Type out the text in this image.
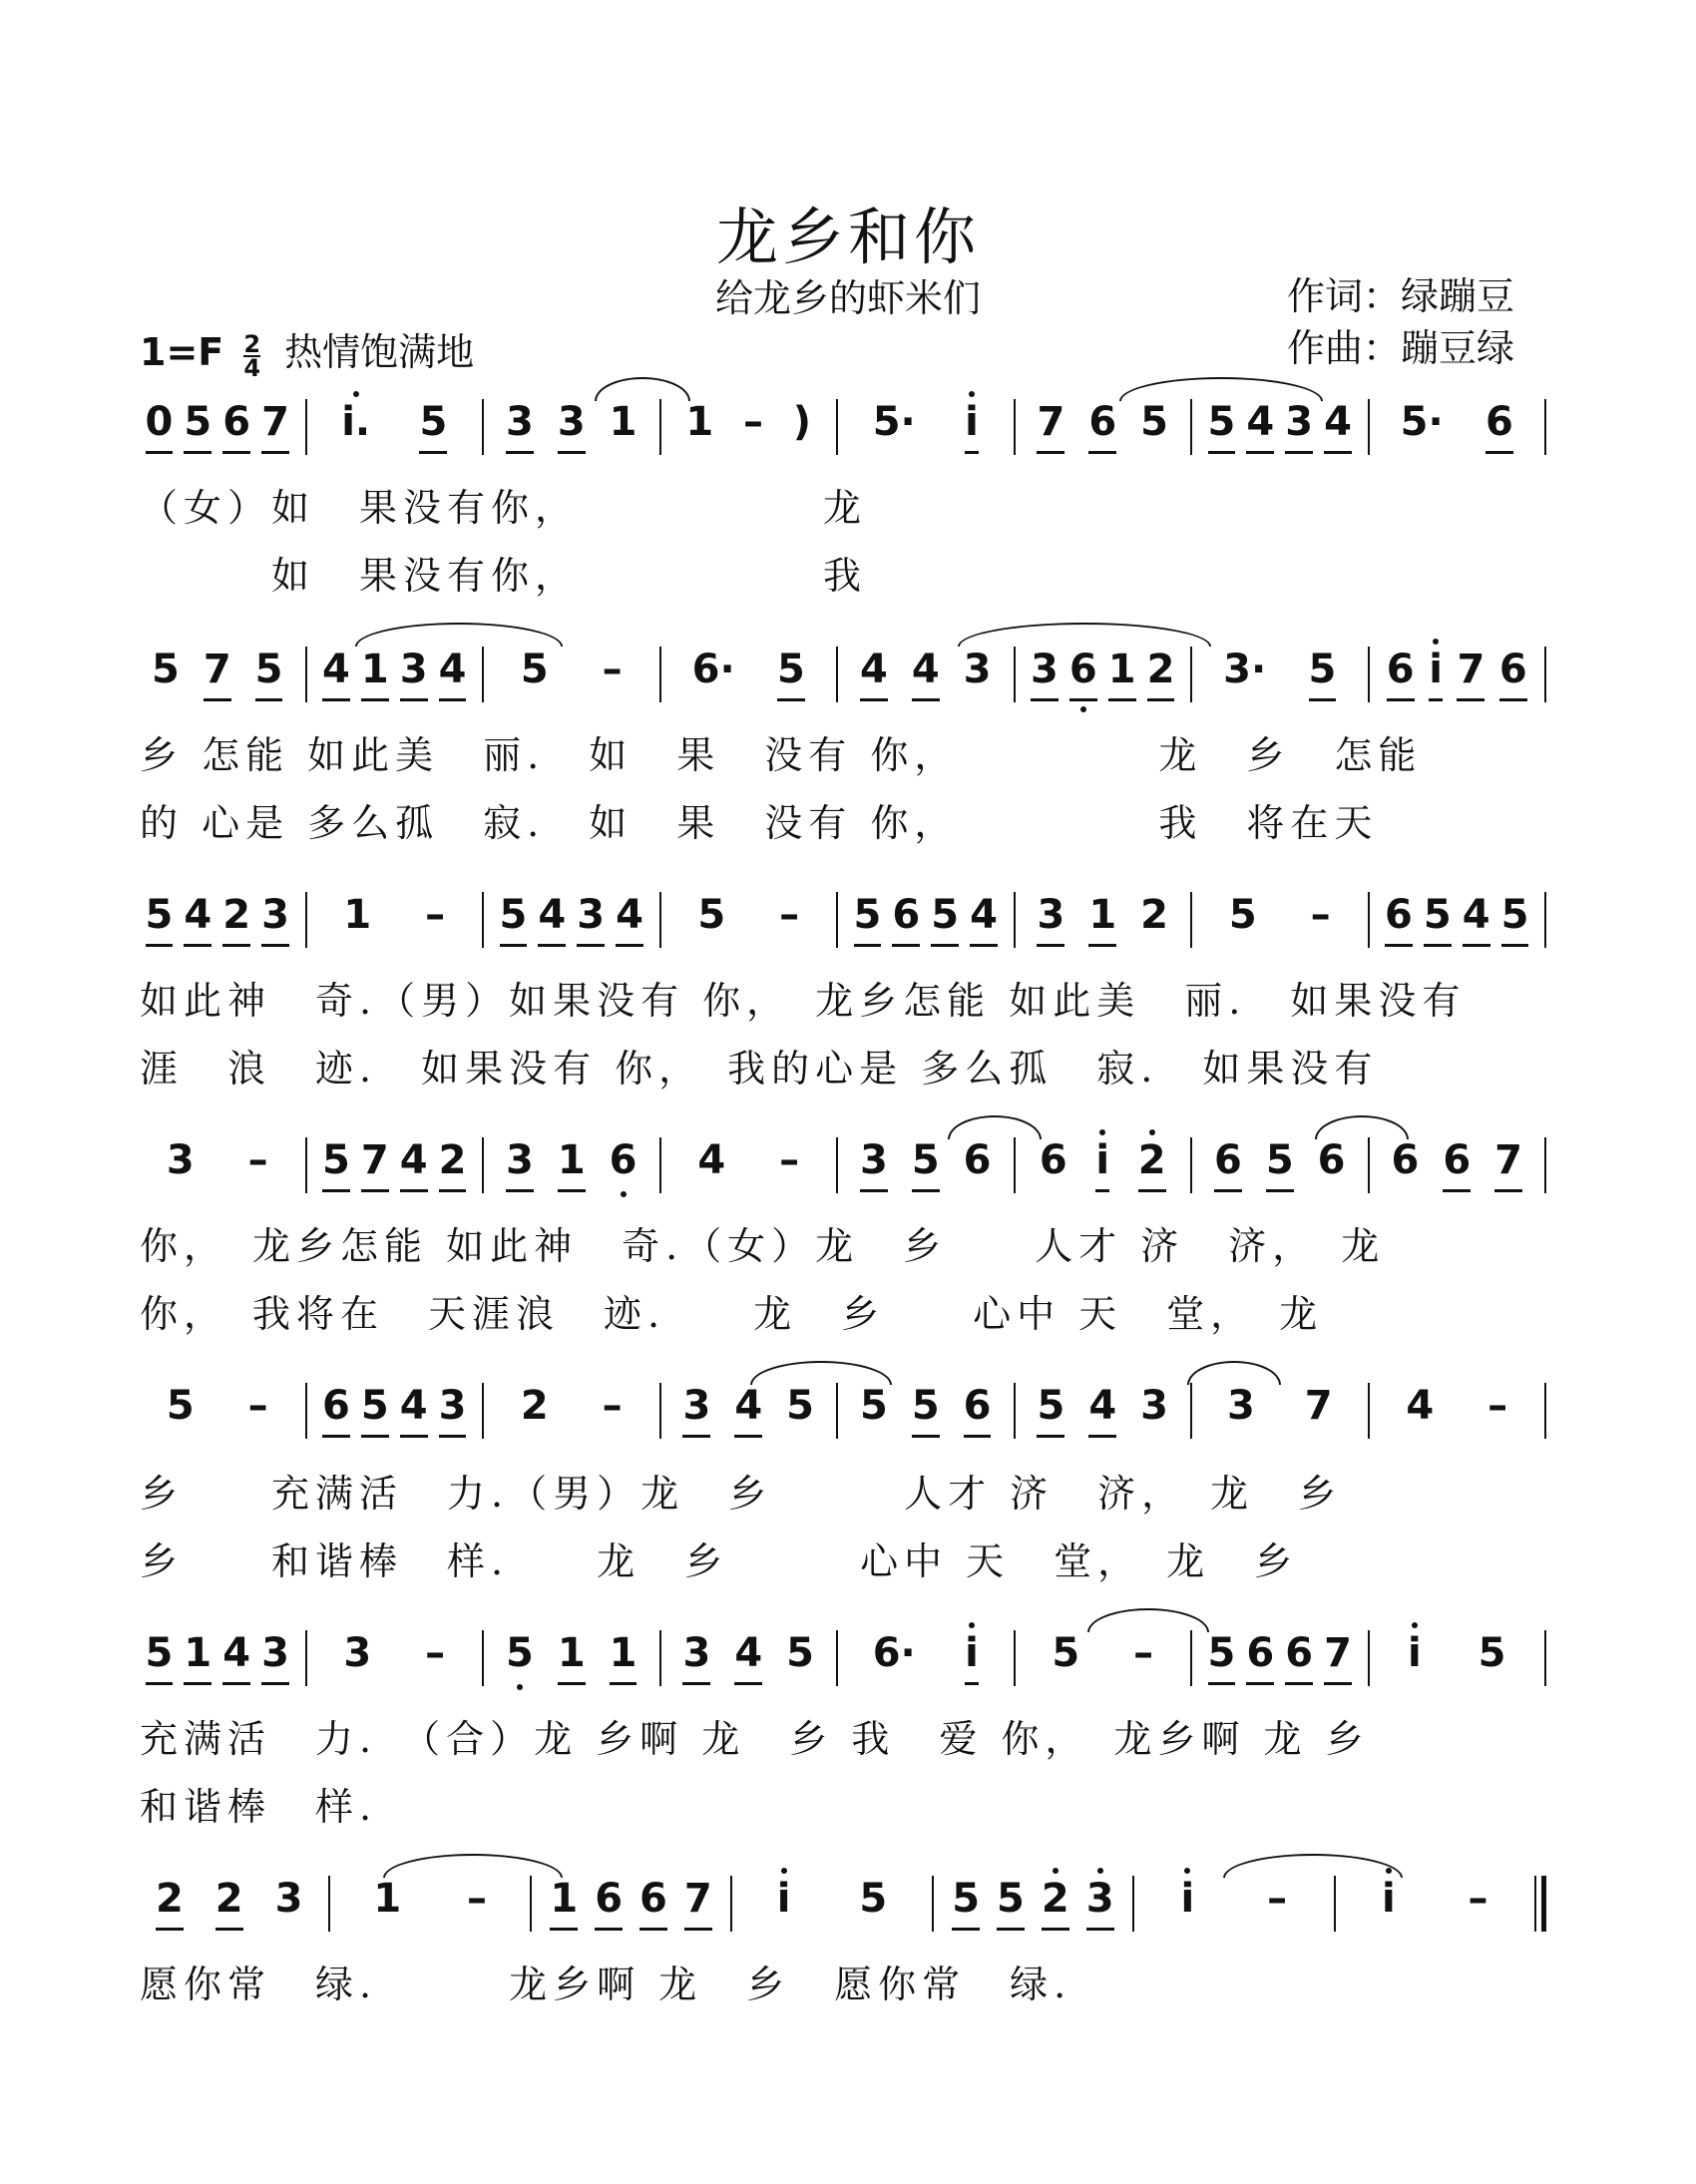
龙乡和你
给龙乡的虾米们	作词：绿蹦豆
作曲：蹦豆绿
$1=F \frac{2}{4}$ 热情饱满地
0 5 6 7 i. 5 3 3 1 1 – ) 5· i 7 6 5 5 4 3 4 5· 6
（女）如　果没有你，　　　　　　龙
　　　如　果没有你，　　　　　　我
5 7 5 4 1 3 4 5 – 6· 5 4 4 3 3 6 1 2 3· 5 6 i 7 6
乡 怎能 如此美　丽.　如　果　没有 你，　　　　　龙　乡　怎能
的 心是 多么孤　寂.　如　果　没有 你，　　　　　我　将在天
5 4 2 3 1 – 5 4 3 4 5 – 5 6 5 4 3 1 2 5 – 6 5 4 5
如此神　奇.（男）如果没有 你，　龙乡怎能 如此美　丽.　如果没有
涯　浪　迹.　如果没有 你，　我的心是 多么孤　寂.　如果没有
3 – 5 7 4 2 3 1 6 4 – 3 5 6 6 i 2 6 5 6 6 6 7
你，　龙乡怎能 如此神　奇.（女）龙　乡　　人才 济　济，　龙
你，　我将在　天涯浪　迹.　　龙　乡　　心中 天　堂，　龙
5 – 6 5 4 3 2 – 3 4 5 5 5 6 5 4 3 3 7 4 –
乡　　充满活　力.（男）龙　乡　　　人才 济　济，　龙　乡
乡　　和谐棒　样.　　龙　乡　　　心中 天　堂，　龙　乡
5 1 4 3 3 – 5 1 1 3 4 5 6· i 5 – 5 6 6 7 i 5
充满活　力.　（合）龙 乡啊 龙　乡 我　爱 你，　龙乡啊 龙 乡
和谐棒　样.
2 2 3 1 – 1 6 6 7 i 5 5 5 2 3 i – i –
愿你常　绿.　　　龙乡啊 龙　乡　愿你常　绿.
